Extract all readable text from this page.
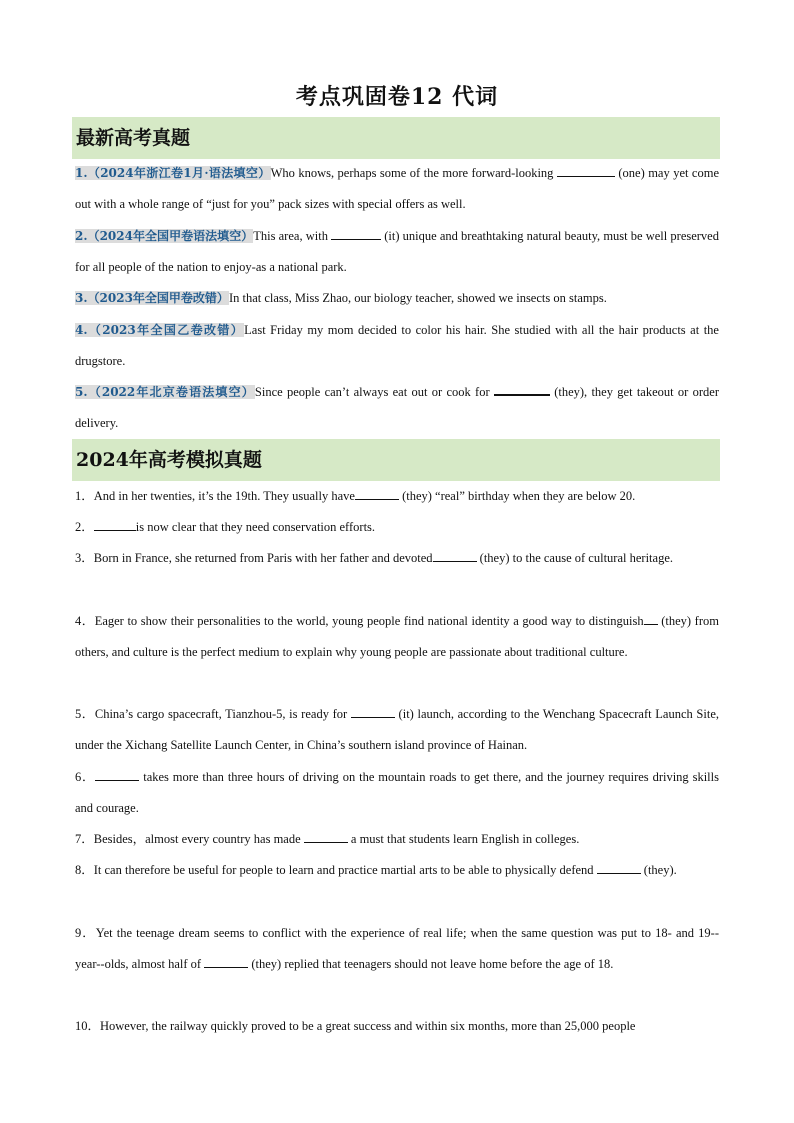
考点巩固卷12 代词
最新高考真题

1.（2024年浙江卷1月·语法填空）Who knows, perhaps some of the more forward-looking	(one) may yet come out with a whole range of “just for you” pack sizes with special offers as well.

2.（2024年全国甲卷语法填空）This area, with	(it) unique and breathtaking natural beauty, must be well preserved for all people of the nation to enjoy-as a national park.

3.（2023年全国甲卷改错）In that class, Miss Zhao, our biology teacher, showed we insects on stamps.

4.（2023年全国乙卷改错）Last Friday my mom decided to color his hair. She studied with all the hair products at the drugstore.

5.（2022年北京卷语法填空）Since people can’t always eat out or cook for	(they), they get takeout or order delivery.

2024年高考模拟真题

1．And in her twenties, it’s the 19th. They usually have	(they) “real” birthday when they are below 20.

2．	is now clear that they need conservation efforts.

3．Born in France, she returned from Paris with her father and devoted	(they) to the cause of cultural heritage.

4．Eager to show their personalities to the world, young people find national identity a good way to distinguish (they) from others, and culture is the perfect medium to explain why young people are passionate about traditional culture.

5．China’s cargo spacecraft, Tianzhou-5, is ready for	(it) launch, according to the Wenchang Spacecraft Launch Site, under the Xichang Satellite Launch Center, in China’s southern island province of Hainan.

6．	takes more than three hours of driving on the mountain roads to get there, and the journey requires driving skills and courage.

7．Besides，almost every country has made	a must that students learn English in colleges.

8．It can therefore be useful for people to learn and practice martial arts to be able to physically defend	(they).

9．Yet the teenage dream seems to conflict with the experience of real life; when the same question was put to 18- and 19--year--olds, almost half of	(they) replied that teenagers should not leave home before the age of 18.

10．However, the railway quickly proved to be a great success and within six months, more than 25,000 people
